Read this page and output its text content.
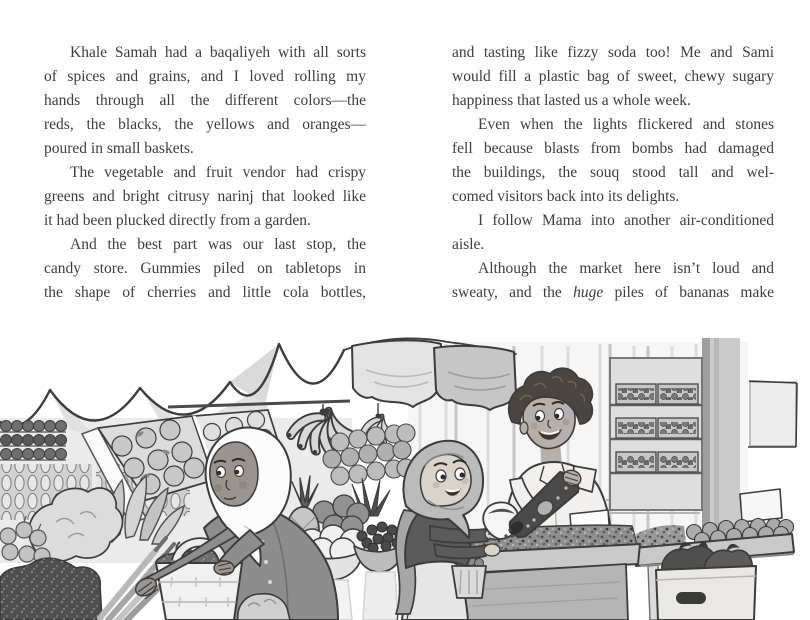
Khale Samah had a baqaliyeh with all sorts
of spices and grains, and I loved rolling my
hands through all the different colors—the
reds, the blacks, the yellows and oranges—
poured in small baskets.
The vegetable and fruit vendor had crispy
greens and bright citrusy narinj that looked like
it had been plucked directly from a garden.
And the best part was our last stop, the
candy store. Gummies piled on tabletops in
the shape of cherries and little cola bottles,
and tasting like fizzy soda too! Me and Sami
would fill a plastic bag of sweet, chewy sugary
happiness that lasted us a whole week.
Even when the lights flickered and stones
fell because blasts from bombs had damaged
the buildings, the souq stood tall and wel-
comed visitors back into its delights.
I follow Mama into another air-conditioned
aisle.
Although the market here isn’t loud and
sweaty, and the huge piles of bananas make
